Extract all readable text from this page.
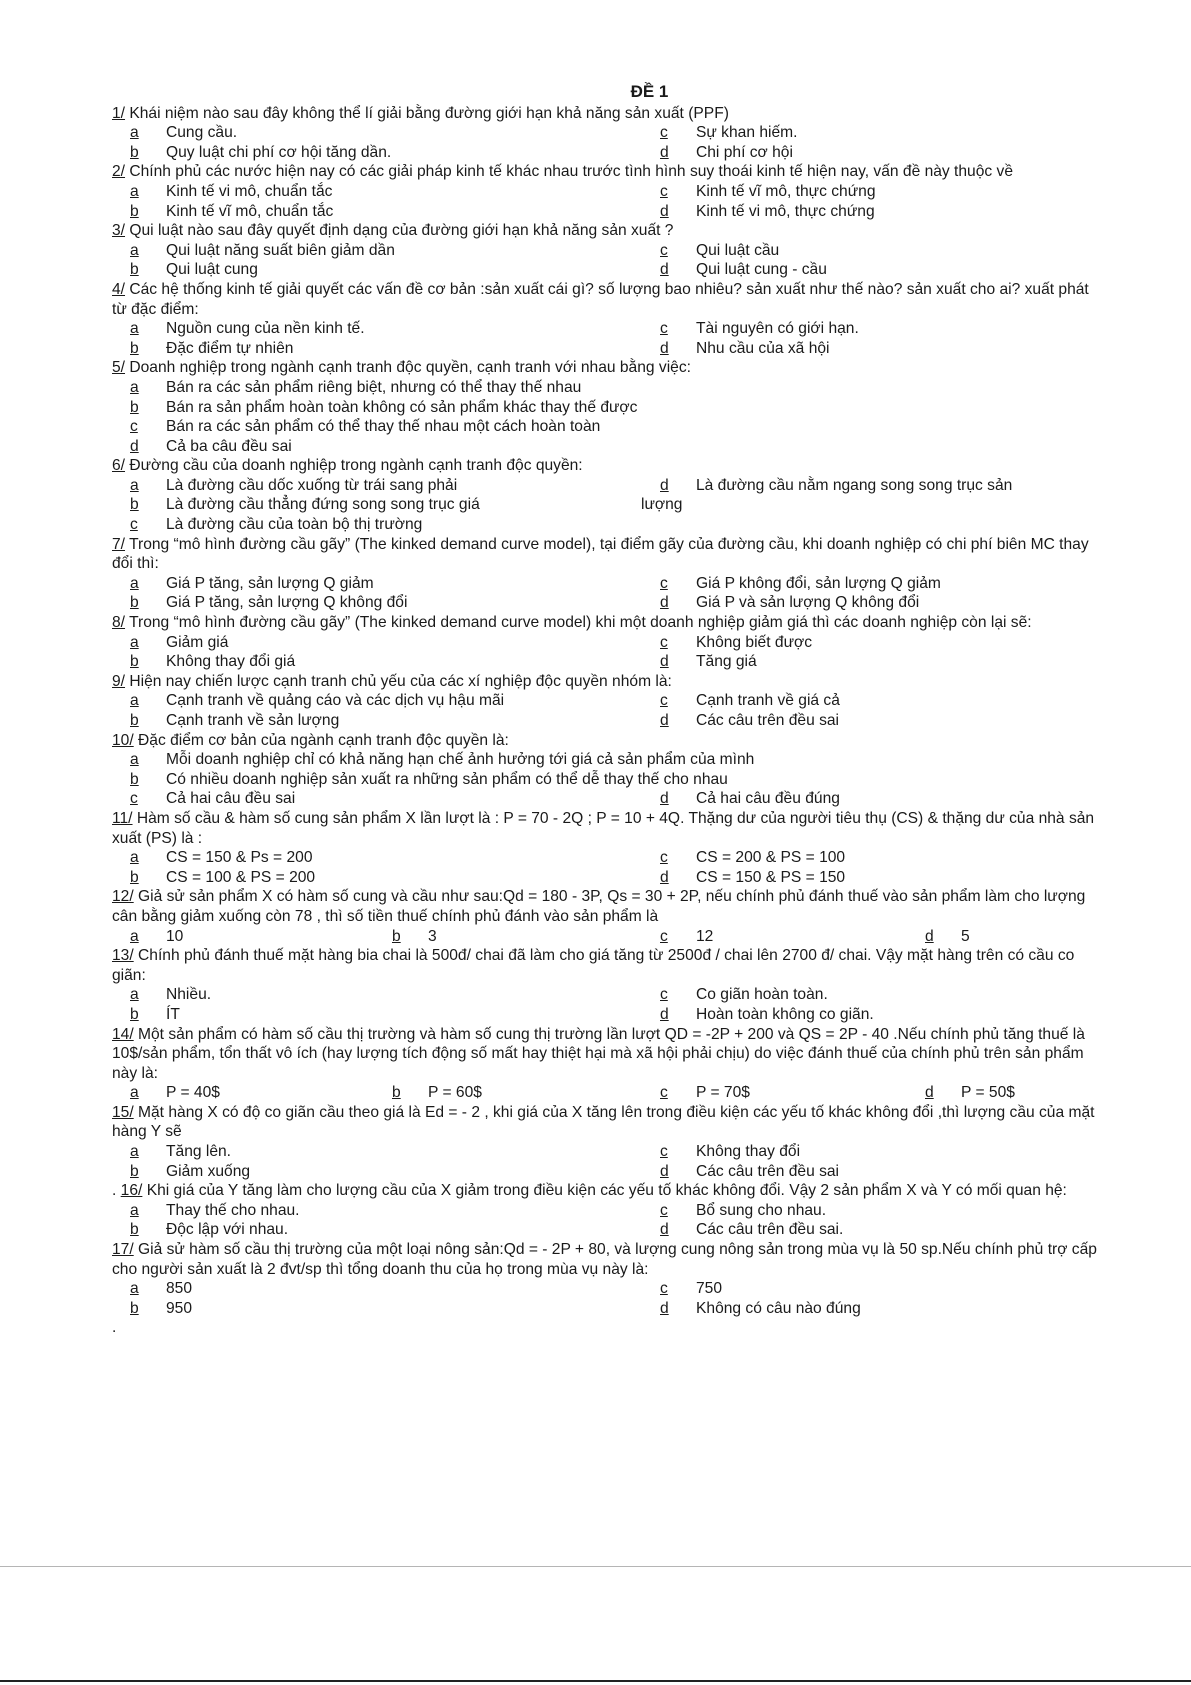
ĐỀ 1
1/ Khái niệm nào sau đây không thể lí giải bằng đường giới hạn khả năng sản xuất (PPF)
a Cung cầu.	c Sự khan hiếm.
b Quy luật chi phí cơ hội tăng dần.	d Chi phí cơ hội
2/ Chính phủ các nước hiện nay có các giải pháp kinh tế khác nhau trước tình hình suy thoái kinh tế hiện nay, vấn đề này thuộc về
a Kinh tế vi mô, chuẩn tắc	c Kinh tế vĩ mô, thực chứng
b Kinh tế vĩ mô, chuẩn tắc	d Kinh tế vi mô, thực chứng
3/ Qui luật nào sau đây quyết định dạng của đường giới hạn khả năng sản xuất ?
a Qui luật năng suất biên giảm dần	c Qui luật cầu
b Qui luật cung	d Qui luật cung - cầu
4/ Các hệ thống kinh tế giải quyết các vấn đề cơ bản :sản xuất cái gì? số lượng bao nhiêu? sản xuất như thế nào? sản xuất cho ai? xuất phát từ đặc điểm:
a Nguồn cung của nền kinh tế.	c Tài nguyên có giới hạn.
b Đặc điểm tự nhiên	d Nhu cầu của xã hội
5/ Doanh nghiệp trong ngành cạnh tranh độc quyền, cạnh tranh với nhau bằng việc:
a Bán ra các sản phẩm riêng biệt, nhưng có thể thay thế nhau
b Bán ra sản phẩm hoàn toàn không có sản phẩm khác thay thế được
c Bán ra các sản phẩm có thể thay thế nhau một cách hoàn toàn
d Cả ba câu đều sai
6/ Đường cầu của doanh nghiệp trong ngành cạnh tranh độc quyền:
a Là đường cầu dốc xuống từ trái sang phải	d Là đường cầu nằm ngang song song trục sản
b Là đường cầu thẳng đứng song song trục giá	lượng
c Là đường cầu của toàn bộ thị trường
7/ Trong “mô hình đường cầu gãy” (The kinked demand curve model), tại điểm gãy của đường cầu, khi doanh nghiệp có chi phí biên MC thay đổi thì:
a Giá P tăng, sản lượng Q giảm	c Giá P không đổi, sản lượng Q giảm
b Giá P tăng, sản lượng Q không đổi	d Giá P và sản lượng Q không đổi
8/ Trong “mô hình đường cầu gãy” (The kinked demand curve model) khi một doanh nghiệp giảm giá thì các doanh nghiệp còn lại sẽ:
a Giảm giá	c Không biết được
b Không thay đổi giá	d Tăng giá
9/ Hiện nay chiến lược cạnh tranh chủ yếu của các xí nghiệp độc quyền nhóm là:
a Cạnh tranh về quảng cáo và các dịch vụ hậu mãi	c Cạnh tranh về giá cả
b Cạnh tranh về sản lượng	d Các câu trên đều sai
10/ Đặc điểm cơ bản của ngành cạnh tranh độc quyền là:
a Mỗi doanh nghiệp chỉ có khả năng hạn chế ảnh hưởng tới giá cả sản phẩm của mình
b Có nhiều doanh nghiệp sản xuất ra những sản phẩm có thể dễ thay thế cho nhau
c Cả hai câu đều sai	d Cả hai câu đều đúng
11/ Hàm số cầu & hàm số cung sản phẩm X lần lượt là : P = 70 - 2Q ; P = 10 + 4Q. Thặng dư của người tiêu thụ (CS) & thặng dư của nhà sản xuất (PS) là :
a CS = 150 & Ps = 200	c CS = 200 & PS = 100
b CS = 100 & PS = 200	d CS = 150 & PS = 150
12/ Giả sử sản phẩm X có hàm số cung và cầu như sau:Qd = 180 - 3P, Qs = 30 + 2P, nếu chính phủ đánh thuế vào sản phẩm làm cho lượng cân bằng giảm xuống còn 78 , thì số tiền thuế chính phủ đánh vào sản phẩm là
a 10	b 3	c 12	d 5
13/ Chính phủ đánh thuế mặt hàng bia chai là 500đ/ chai đã làm cho giá tăng từ 2500đ / chai lên 2700 đ/ chai. Vậy mặt hàng trên có cầu co giãn:
a Nhiều.	c Co giãn hoàn toàn.
b ÍT	d Hoàn toàn không co giãn.
14/ Một sản phẩm có hàm số cầu thị trường và hàm số cung thị trường lần lượt QD = -2P + 200 và QS = 2P - 40 .Nếu chính phủ tăng thuế là 10$/sản phẩm, tổn thất vô ích (hay lượng tích động số mất hay thiệt hại mà xã hội phải chịu) do việc đánh thuế của chính phủ trên sản phẩm này là:
a P = 40$	b P = 60$	c P = 70$	d P = 50$
15/ Mặt hàng X có độ co giãn cầu theo giá là Ed = - 2 , khi giá của X tăng lên trong điều kiện các yếu tố khác không đổi ,thì lượng cầu của mặt hàng Y sẽ
a Tăng lên.	c Không thay đổi
b Giảm xuống	d Các câu trên đều sai
. 16/ Khi giá của Y tăng làm cho lượng cầu của X giảm trong điều kiện các yếu tố khác không đổi. Vậy 2 sản phẩm X và Y có mối quan hệ:
a Thay thế cho nhau.	c Bổ sung cho nhau.
b Độc lập với nhau.	d Các câu trên đều sai.
17/ Giả sử hàm số cầu thị trường của một loại nông sản:Qd = - 2P + 80, và lượng cung nông sản trong mùa vụ là 50 sp.Nếu chính phủ trợ cấp cho người sản xuất là 2 đvt/sp thì tổng doanh thu của họ trong mùa vụ này là:
a 850	c 750
b 950	d Không có câu nào đúng
.
